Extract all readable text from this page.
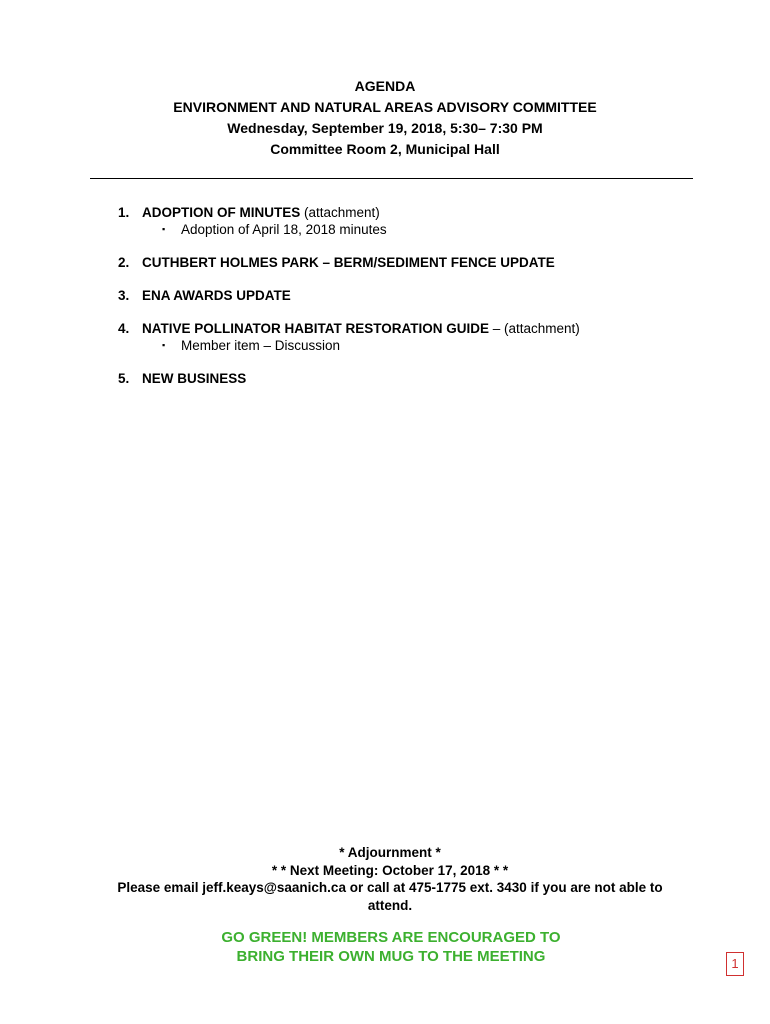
AGENDA
ENVIRONMENT AND NATURAL AREAS ADVISORY COMMITTEE
Wednesday, September 19, 2018, 5:30– 7:30 PM
Committee Room 2, Municipal Hall
1. ADOPTION OF MINUTES (attachment)
▪ Adoption of April 18, 2018 minutes
2. CUTHBERT HOLMES PARK – BERM/SEDIMENT FENCE UPDATE
3. ENA AWARDS UPDATE
4. NATIVE POLLINATOR HABITAT RESTORATION GUIDE – (attachment)
▪ Member item – Discussion
5. NEW BUSINESS
* Adjournment *
* * Next Meeting: October 17, 2018 * *
Please email jeff.keays@saanich.ca or call at 475-1775 ext. 3430 if you are not able to
attend.
GO GREEN! MEMBERS ARE ENCOURAGED TO
BRING THEIR OWN MUG TO THE MEETING	1
